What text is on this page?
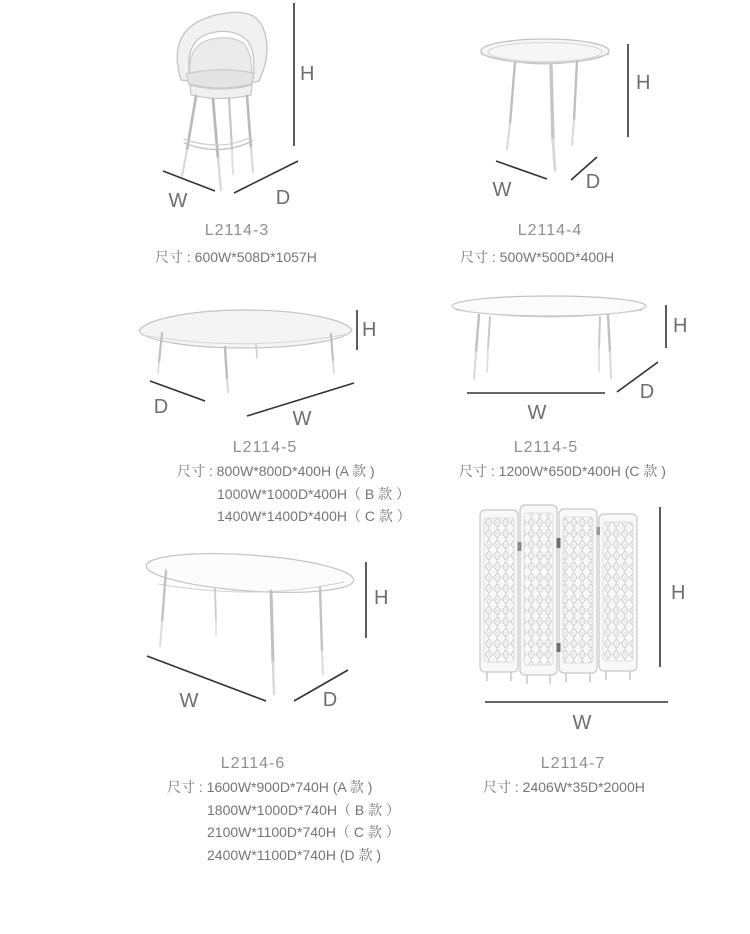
H
W	D
H
W	D
H
D
W
H
W
D
H
W	D
H
W
L2114-3	L2114-4
L2114-5	L2114-5
L2114-6	L2114-7
尺寸 : 600W*508D*1057H	尺寸 : 500W*500D*400H
尺寸 : 800W*800D*400H (A 款 )
1000W*1000D*400H（ B 款 ）
1400W*1400D*400H（ C 款 ）
尺寸 : 1200W*650D*400H (C 款 )
尺寸 : 1600W*900D*740H (A 款 )
1800W*1000D*740H（ B 款 ）
2100W*1100D*740H（ C 款 ）
2400W*1100D*740H (D 款 )
尺寸 : 2406W*35D*2000H
